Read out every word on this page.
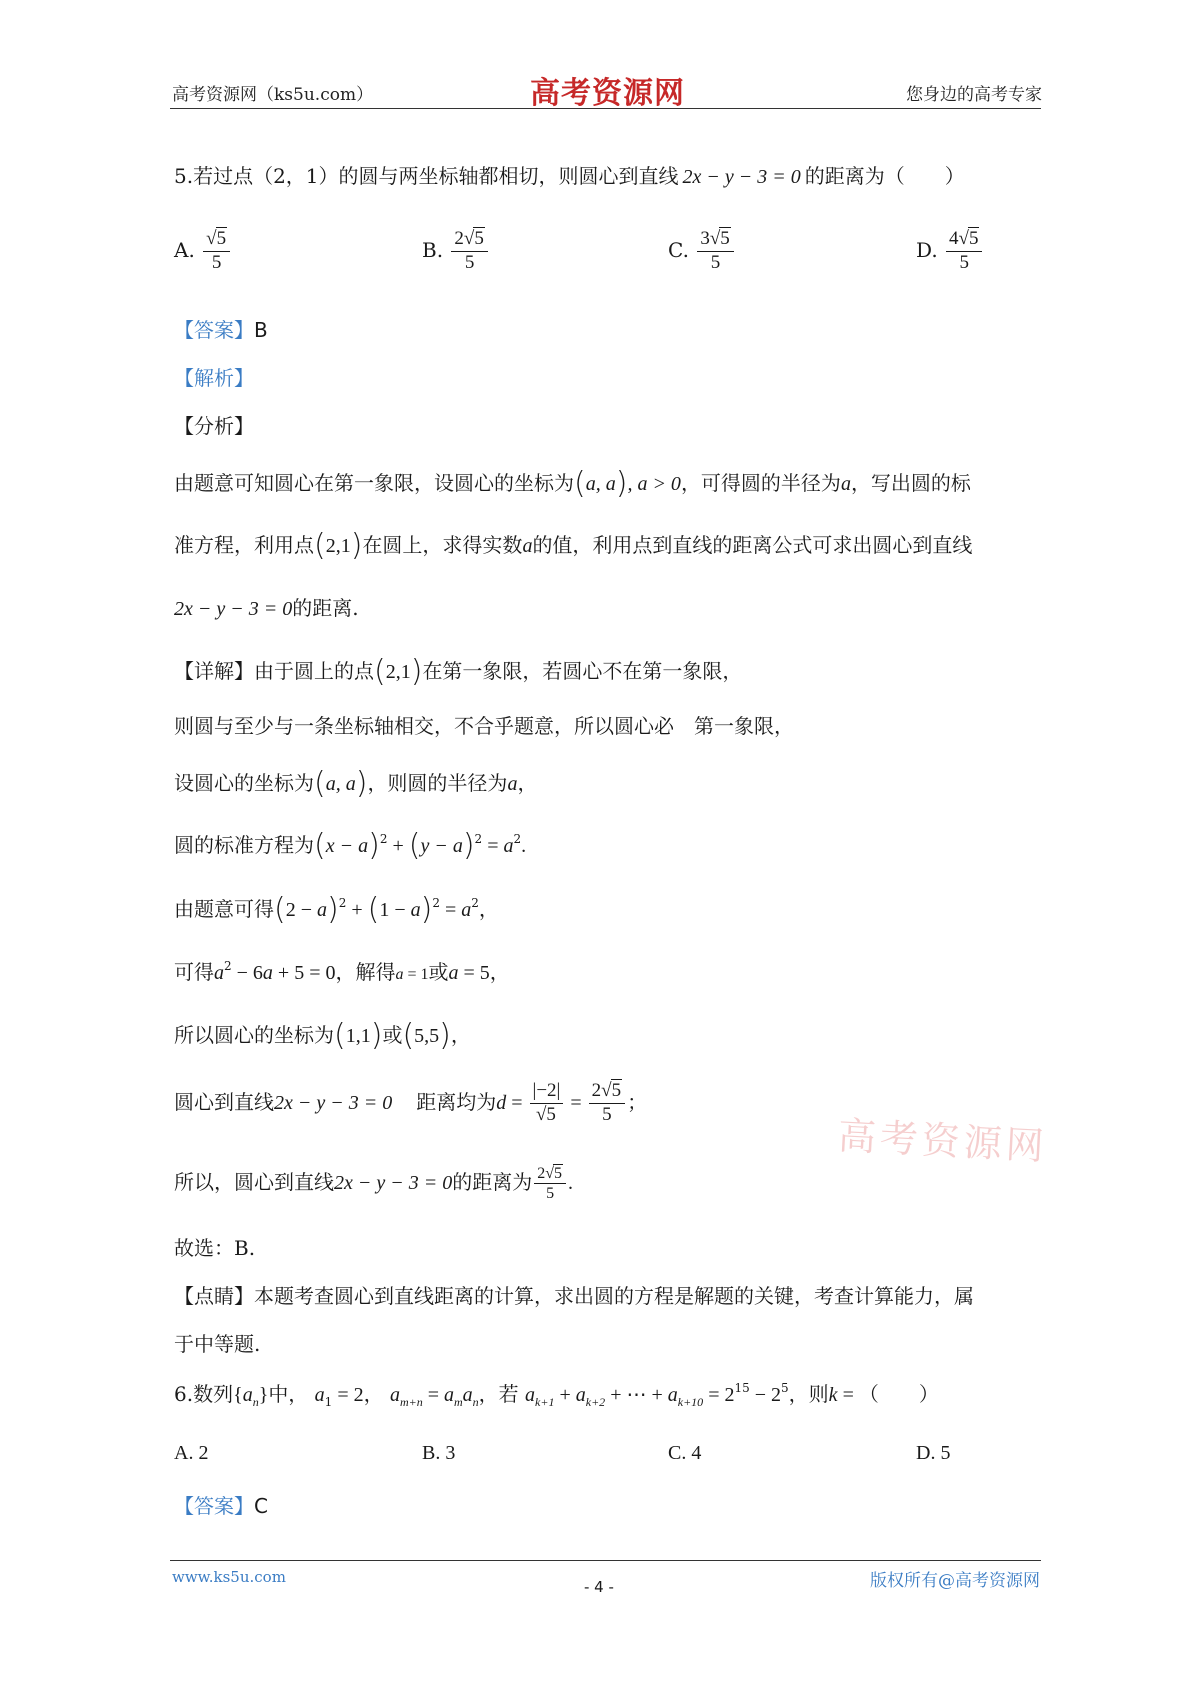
高考资源网（ks5u.com）	高考资源网	您身边的高考专家
5.若过点（2，1）的圆与两坐标轴都相切，则圆心到直线 2x − y − 3 = 0 的距离为（　　）
A. $\frac{√5}{5}$	B. $\frac{2√5}{5}$	C. $\frac{3√5}{5}$	D. $\frac{4√5}{5}$
【答案】B
【解析】
【分析】
由题意可知圆心在第一象限，设圆心的坐标为(a, a), a > 0，可得圆的半径为a，写出圆的标
准方程，利用点(2,1)在圆上，求得实数a的值，利用点到直线的距离公式可求出圆心到直线
2x − y − 3 = 0的距离.
【详解】由于圆上的点(2,1)在第一象限，若圆心不在第一象限，
则圆与至少与一条坐标轴相交，不合乎题意，所以圆心必　第一象限，
设圆心的坐标为(a, a)，则圆的半径为a，
圆的标准方程为$(x - a)^2 + (y - a)^2 = a^2$.
由题意可得$(2 - a)^2 + (1 - a)^2 = a^2$，
可得$a^2 - 6a + 5 = 0$，解得a = 1或a = 5，
所以圆心的坐标为(1,1)或(5,5)，
圆心到直线2x − y − 3 = 0 距离均为$d = \frac{|-2|}{√5} = \frac{2√5}{5}$ ；
所以，圆心到直线2x − y − 3 = 0的距离为 $\frac{2√5}{5}$ .
故选：B.
【点睛】本题考查圆心到直线距离的计算，求出圆的方程是解题的关键，考查计算能力，属
于中等题.
6.数列$\{a_n\}$中， $a_1 = 2$， $a_{m+n} = a_ma_n$，若 $a_{k+1} + a_{k+2}$ + ⋯ + $a_{k+10} = 2^{15} - 2^5$，则k = （　　）
A. 2	B. 3	C. 4	D. 5
【答案】C
高考资源网
www.ks5u.com
- 4 -	版权所有@高考资源网
